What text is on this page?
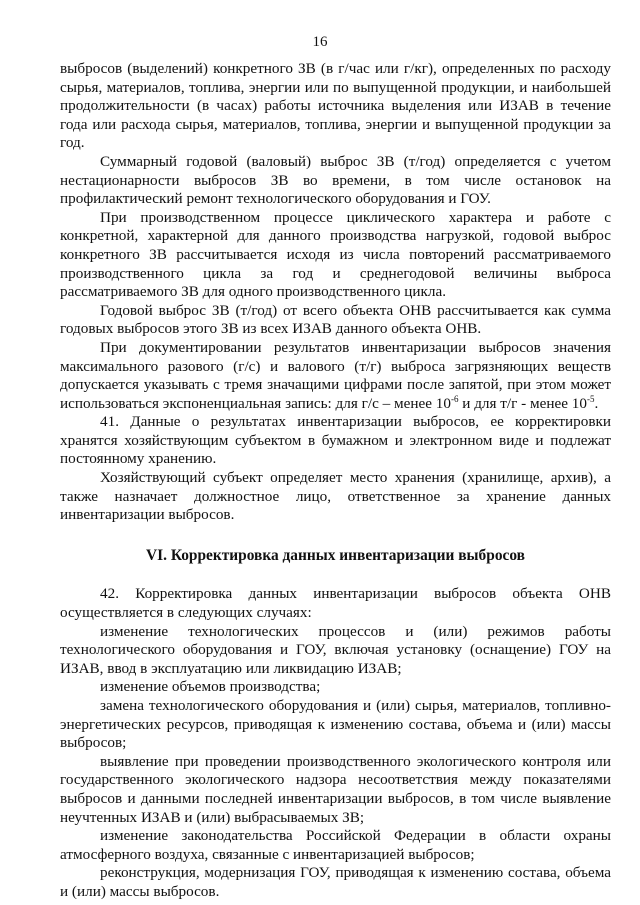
16

выбросов (выделений) конкретного ЗВ (в г/час или г/кг), определенных по расходу сырья, материалов, топлива, энергии или по выпущенной продукции, и наибольшей продолжительности (в часах) работы источника выделения или ИЗАВ в течение года или расхода сырья, материалов, топлива, энергии и выпущенной продукции за год.

Суммарный годовой (валовый) выброс ЗВ (т/год) определяется с учетом нестационарности выбросов ЗВ во времени, в том числе остановок на профилактический ремонт технологического оборудования и ГОУ.

При производственном процессе циклического характера и работе с конкретной, характерной для данного производства нагрузкой, годовой выброс конкретного ЗВ рассчитывается исходя из числа повторений рассматриваемого производственного цикла за год и среднегодовой величины выброса рассматриваемого ЗВ для одного производственного цикла.

Годовой выброс ЗВ (т/год) от всего объекта ОНВ рассчитывается как сумма годовых выбросов этого ЗВ из всех ИЗАВ данного объекта ОНВ.

При документировании результатов инвентаризации выбросов значения максимального разового (г/с) и валового (т/г) выброса загрязняющих веществ допускается указывать с тремя значащими цифрами после запятой, при этом может использоваться экспоненциальная запись: для г/с – менее $10^{-6}$ и для т/г - менее $10^{-5}$.

41. Данные о результатах инвентаризации выбросов, ее корректировки хранятся хозяйствующим субъектом в бумажном и электронном виде и подлежат постоянному хранению.

Хозяйствующий субъект определяет место хранения (хранилище, архив), а также назначает должностное лицо, ответственное за хранение данных инвентаризации выбросов.

VI. Корректировка данных инвентаризации выбросов

42. Корректировка данных инвентаризации выбросов объекта ОНВ осуществляется в следующих случаях:

изменение технологических процессов и (или) режимов работы технологического оборудования и ГОУ, включая установку (оснащение) ГОУ на ИЗАВ, ввод в эксплуатацию или ликвидацию ИЗАВ;

изменение объемов производства;

замена технологического оборудования и (или) сырья, материалов, топливно-энергетических ресурсов, приводящая к изменению состава, объема и (или) массы выбросов;

выявление при проведении производственного экологического контроля или государственного экологического надзора несоответствия между показателями выбросов и данными последней инвентаризации выбросов, в том числе выявление неучтенных ИЗАВ и (или) выбрасываемых ЗВ;

изменение законодательства Российской Федерации в области охраны атмосферного воздуха, связанные с инвентаризацией выбросов;

реконструкция, модернизация ГОУ, приводящая к изменению состава, объема и (или) массы выбросов.
